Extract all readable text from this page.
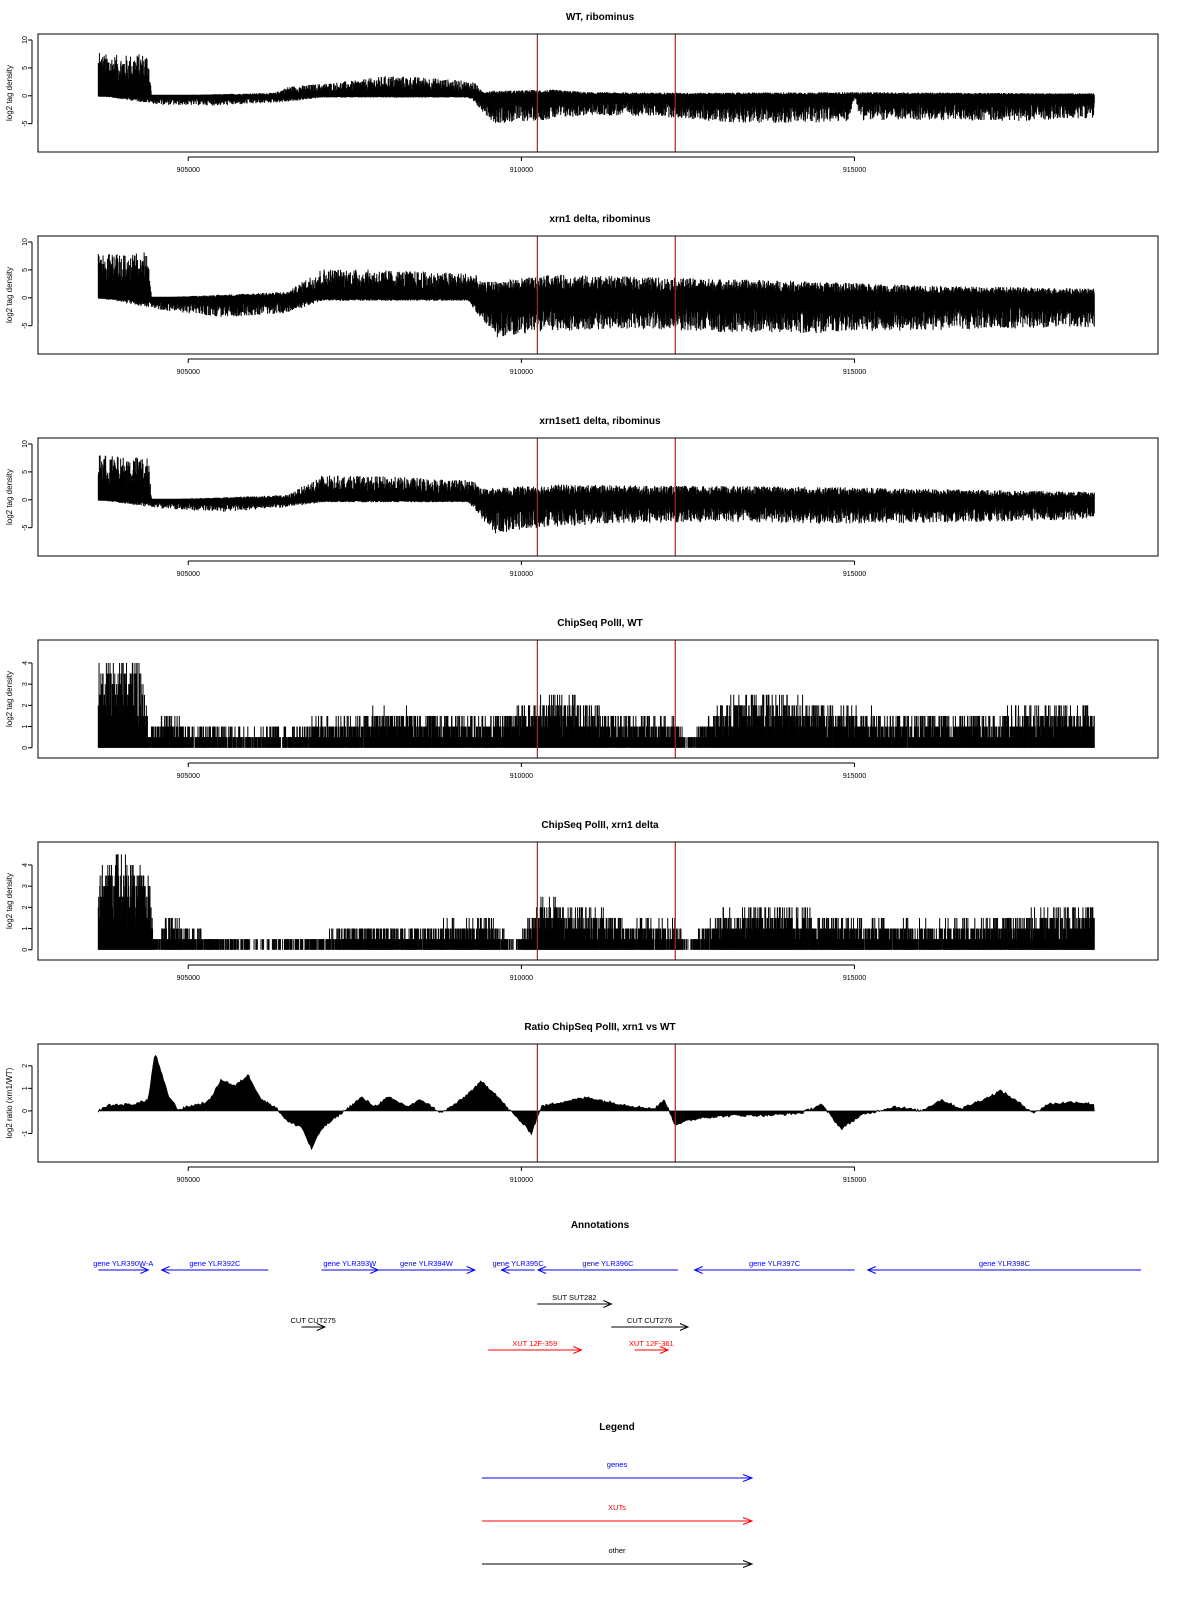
WT, ribominus
log2 tag density
-5
0
5
10
905000	910000	915000
xrn1 delta, ribominus
log2 tag density
-5
0
5
10
905000	910000	915000
xrn1set1 delta, ribominus
log2 tag density
-5
0
5
10
905000	910000	915000
ChipSeq PolII, WT
log2 tag density
0
1
2
3
4
905000	910000	915000
ChipSeq PolII, xrn1 delta
log2 tag density
0
1
2
3
4
905000	910000	915000
Ratio ChipSeq PolII, xrn1 vs WT
log2 ratio (xrn1/WT) -1
0
1
2
905000	910000	915000
Annotations
gene YLR390W-A	gene YLR392C	gene YLR393W	gene YLR394W	gene YLR395C	gene YLR396C	gene YLR397C	gene YLR398C
SUT SUT282
CUT CUT275	CUT CUT276
XUT 12F-359	XUT 12F-361
Legend
genes
XUTs
other
